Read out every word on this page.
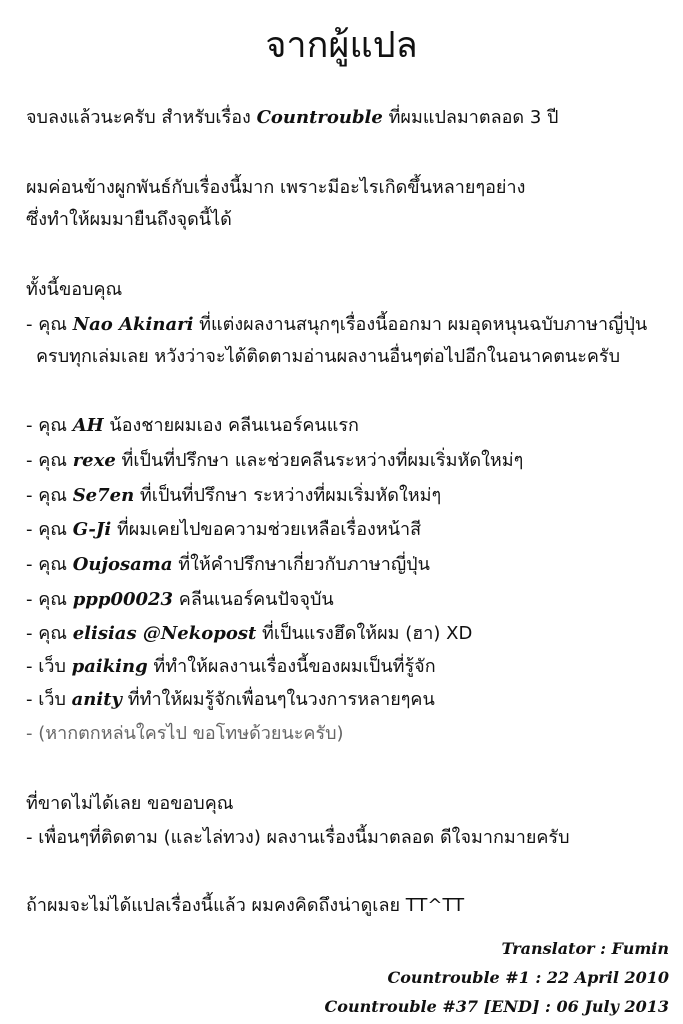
จากผู้แปล
จบลงแล้วนะครับ สำหรับเรื่อง Countrouble ที่ผมแปลมาตลอด 3 ปี
ผมค่อนข้างผูกพันธ์กับเรื่องนี้มาก เพราะมีอะไรเกิดขึ้นหลายๆอย่าง
ซึ่งทำให้ผมมายืนถึงจุดนี้ได้
ทั้งนี้ขอบคุณ
- คุณ Nao Akinari ที่แต่งผลงานสนุกๆเรื่องนี้ออกมา ผมอุดหนุนฉบับภาษาญี่ปุ่น
ครบทุกเล่มเลย หวังว่าจะได้ติดตามอ่านผลงานอื่นๆต่อไปอีกในอนาคตนะครับ
- คุณ AH น้องชายผมเอง คลีนเนอร์คนแรก
- คุณ rexe ที่เป็นที่ปรึกษา และช่วยคลีนระหว่างที่ผมเริ่มหัดใหม่ๆ
- คุณ Se7en ที่เป็นที่ปรึกษา ระหว่างที่ผมเริ่มหัดใหม่ๆ
- คุณ G-Ji ที่ผมเคยไปขอความช่วยเหลือเรื่องหน้าสี
- คุณ Oujosama ที่ให้คำปรึกษาเกี่ยวกับภาษาญี่ปุ่น
- คุณ ppp00023 คลีนเนอร์คนปัจจุบัน
- คุณ elisias @Nekopost ที่เป็นแรงฮึดให้ผม (ฮา) XD
- เว็บ paiking ที่ทำให้ผลงานเรื่องนี้ของผมเป็นที่รู้จัก
- เว็บ anity ที่ทำให้ผมรู้จักเพื่อนๆในวงการหลายๆคน
- (หากตกหล่นใครไป ขอโทษด้วยนะครับ)
ที่ขาดไม่ได้เลย ขอขอบคุณ
- เพื่อนๆที่ติดตาม (และไล่ทวง) ผลงานเรื่องนี้มาตลอด ดีใจมากมายครับ
ถ้าผมจะไม่ได้แปลเรื่องนี้แล้ว ผมคงคิดถึงน่าดูเลย TT^TT
Translator : Fumin
Countrouble #1 : 22 April 2010
Countrouble #37 [END] : 06 July 2013
